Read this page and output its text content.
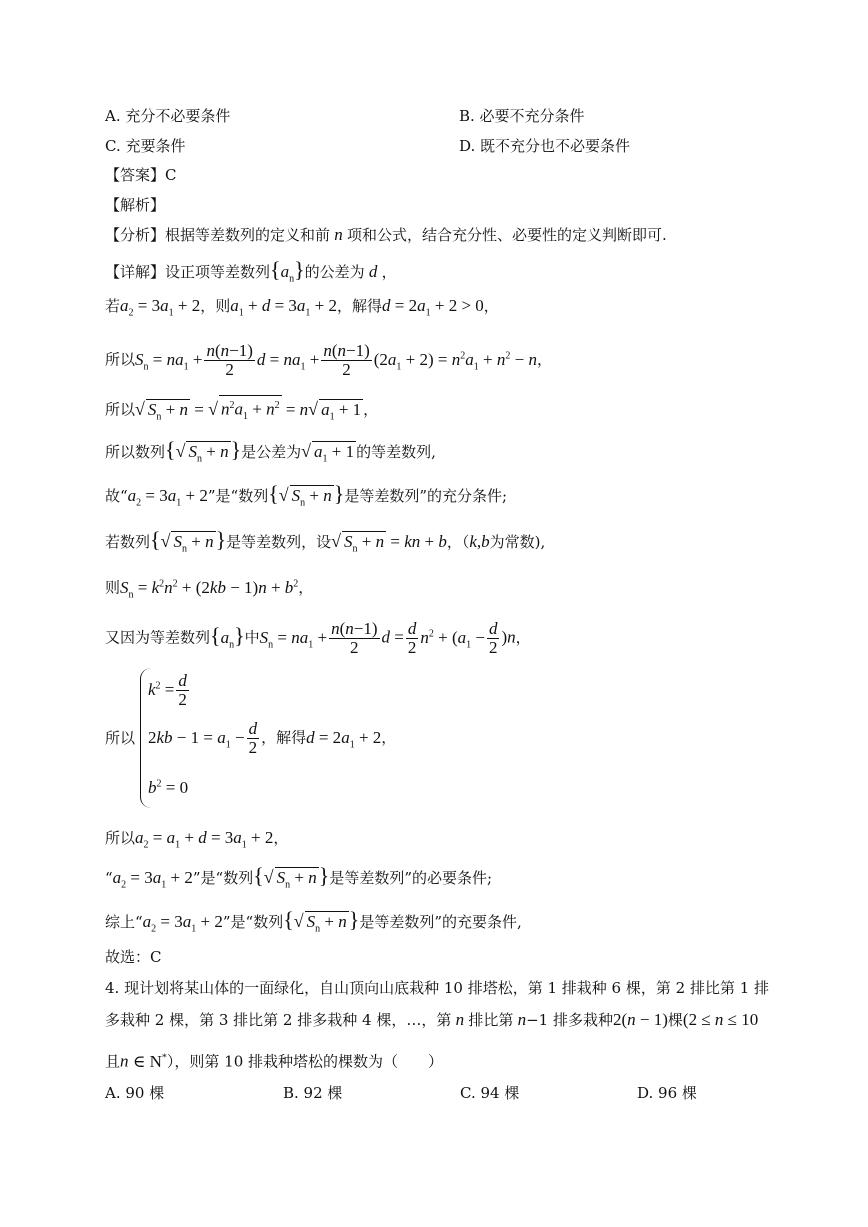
A. 充分不必要条件	B. 必要不充分条件
C. 充要条件	D. 既不充分也不必要条件
【答案】C
【解析】
【分析】根据等差数列的定义和前 n 项和公式，结合充分性、必要性的定义判断即可.
【详解】设正项等差数列$\{a_n\}$的公差为 d ，
若$a_2 = 3a_1 + 2$，则$a_1 + d = 3a_1 + 2$，解得$d = 2a_1 + 2 > 0$，
所以$S_n = na_1 + \frac{n(n-1)}{2}$ $d = na_1 + \frac{n(n-1)}{2} (2a_1 + 2) = n^2a_1 + n^2 - n$，
所以√ $S_n + n$ = √ $n^2a_1 + n^2 = n√$ $a_1 + 1$ ，
所以数列{√ $S_n + n$}是公差为√ $a_1 + 1$ 的等差数列,
故“$a_2 = 3a_1 + 2$”是“数列{√ $S_n + n$}是等差数列”的充分条件;
若数列{√ $S_n + n$}是等差数列，设√ $S_n + n$ = kn + b，（k,b为常数),
则$S_n = k^2n^2 + (2kb - 1)n + b^2$，
又因为等差数列$\{a_n\}$中$S_n = na_1 + \frac{n(n-1)}{2}$ $d = \frac{d}{2} n^2 + (a_1 - \frac{d}{2} )n$，
$k^2 = \frac{d}{2}$
所以 $2kb - 1 = a_1 - \frac{d}{2}$ ，解得$d = 2a_1 + 2$，
$b^2 = 0$
所以$a_2 = a_1 + d = 3a_1 + 2$，
“$a_2 = 3a_1 + 2$”是“数列{√ $S_n + n$}是等差数列”的必要条件;
综上“$a_2 = 3a_1 + 2$”是“数列{√ $S_n + n$}是等差数列”的充要条件,
故选：C
4. 现计划将某山体的一面绿化，自山顶向山底栽种 10 排塔松，第 1 排栽种 6 棵，第 2 排比第 1 排
多栽种 2 棵，第 3 排比第 2 排多栽种 4 棵，…，第 n 排比第 n−1 排多栽种2(n − 1)棵(2 ≤ n ≤ 10
且n ∈ N*），则第 10 排栽种塔松的棵数为（　　）
A. 90 棵	B. 92 棵	C. 94 棵	D. 96 棵
